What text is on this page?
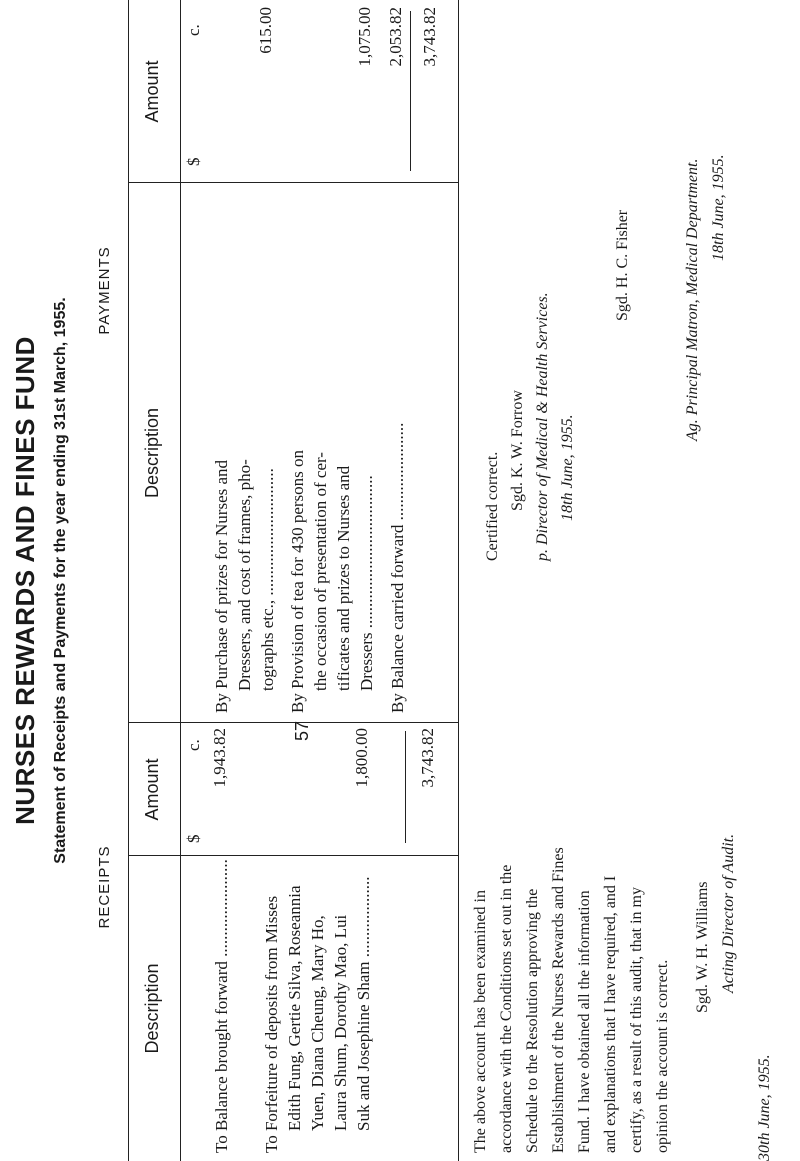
NURSES REWARDS AND FINES FUND Statement of Receipts and Payments for the year ending 31st March, 1955.
RECEIPTS
PAYMENTS
Description
Amount
Description
Amount
$
c.
$
c.
To Balance brought forward .......................
1,943.82
To Forfeiture of deposits from Misses Edith Fung, Gertie Silva, Roseannia Yuen, Diana Cheung, Mary Ho, Laura Shum, Dorothy Mao, Lui Suk and Josephine Sham ...................
1,800.00	3,743.82
By Purchase of prizes for Nurses and Dressers, and cost of frames, pho- tographs etc., ..............................
615.00
By Provision of tea for 430 persons on the occasion of presentation of cer- tificates and prizes to Nurses and Dressers ....................................
1,075.00
By Balance carried forward .......................
2,053.82 3,743.82
The above account has been examined in accordance with the Conditions set out in the Schedule to the Resolution approving the Establishment of the Nurses Rewards and Fines Fund. I have obtained all the information and explanations that I have required, and I certify, as a result of this audit, that in my opinion the account is correct.
Sgd. W. H. Williams Acting Director of Audit.
30th June, 1955.
Certified correct. Sgd. K. W. Forrow p. Director of Medical & Health Services. 18th June, 1955.
Sgd. H. C. Fisher	Ag. Principal Matron, Medical Department. 18th June, 1955.
57
